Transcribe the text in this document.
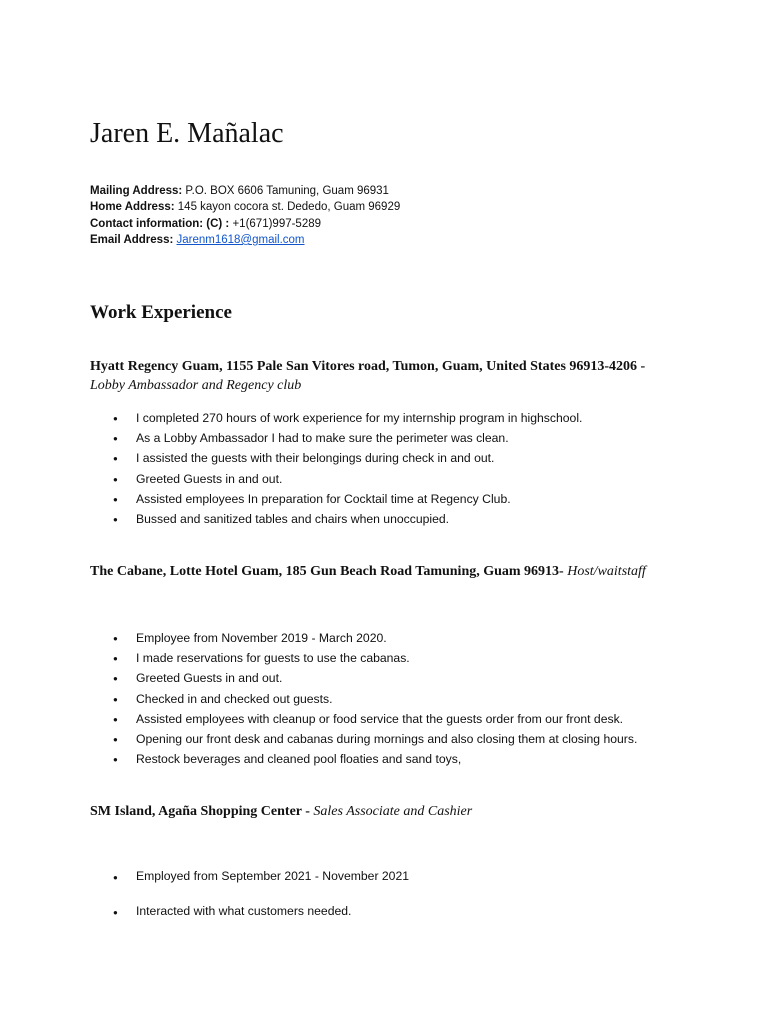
Jaren E. Mañalac
Mailing Address: P.O. BOX 6606 Tamuning, Guam 96931
Home Address: 145 kayon cocora st. Dededo, Guam 96929
Contact information: (C) : +1(671)997-5289
Email Address: Jarenm1618@gmail.com
Work Experience
Hyatt Regency Guam, 1155 Pale San Vitores road, Tumon, Guam, United States 96913-4206 -
Lobby Ambassador and Regency club
● I completed 270 hours of work experience for my internship program in highschool.
● As a Lobby Ambassador I had to make sure the perimeter was clean.
● I assisted the guests with their belongings during check in and out.
● Greeted Guests in and out.
● Assisted employees In preparation for Cocktail time at Regency Club.
● Bussed and sanitized tables and chairs when unoccupied.
The Cabane, Lotte Hotel Guam, 185 Gun Beach Road Tamuning, Guam 96913- Host/waitstaff
● Employee from November 2019 - March 2020.
● I made reservations for guests to use the cabanas.
● Greeted Guests in and out.
● Checked in and checked out guests.
● Assisted employees with cleanup or food service that the guests order from our front desk.
● Opening our front desk and cabanas during mornings and also closing them at closing hours.
● Restock beverages and cleaned pool floaties and sand toys,
SM Island, Agaña Shopping Center - Sales Associate and Cashier
● Employed from September 2021 - November 2021
● Interacted with what customers needed.
